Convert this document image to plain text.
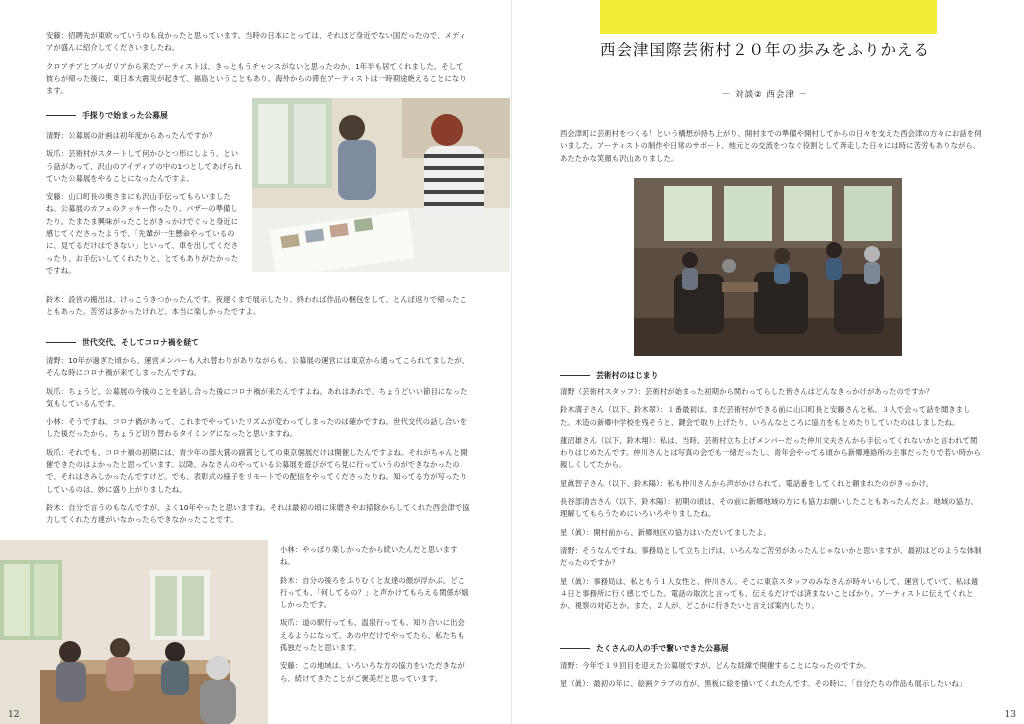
安藤：招聘先が東欧っていうのも良かったと思っています。当時の日本にとっては、それほど身近でない国だったので、メディアが盛んに紹介してくださいましたね。

クロアチアとブルガリアから来たアーティストは、きっともうチャンスがないと思ったのか、1年半も居てくれました。そして彼らが帰った後に、東日本大震災が起きて、福島ということもあり、海外からの滞在アーティストは一時期途絶えることになります。

手探りで始まった公募展

清野：公募展の計画は初年度からあったんですか？

坂爪：芸術村がスタートして何かひとつ形にしよう、という話があって、沢山のアイディアの中の1つとしてあげられていた公募展をやることになったんですよ。

安藤：山口町長の奥さまにも沢山手伝ってもらいましたね。公募展のカフェのクッキー作ったり、バザーの準備したり。たまたま興味がったことがきっかけでぐっと身近に感じてくださったようで、「先輩が一生懸命やっているのに、見てるだけはできない」といって、車を出してくださったり、お手伝いしてくれたりと、とてもありがたかったですね。

鈴木：設営の搬出は、けっこうきつかったんです。夜遅くまで展示したり、終われば作品の梱包をして、とんぼ返りで帰ったこともあった。苦労は多かったけれど、本当に楽しかったですよ。

世代交代、そしてコロナ禍を経て

清野：10年が過ぎた頃から、運営メンバーも入れ替わりがありながらも、公募展の運営には東京から通ってこられてましたが、そんな時にコロナ禍が来てしまったんですね。

坂爪：ちょうど、公募展の今後のことを話し合った後にコロナ禍が来たんですよね。あれはあれで、ちょうどいい節目になった気もしているんです。

小林：そうですね、コロナ禍があって、これまでやっていたリズムが変わってしまったのは確かですね。世代交代の話し合いをした後だったから、ちょうど切り替わるタイミングになったと思いますね。

坂爪：それでも、コロナ禍の初期には、青少年の部大賞の副賞としての東京個展だけは開催したんですよね。それがちゃんと開催できたのはよかったと思っています。以降、みなさんのやっている公募展を遊びがてら見に行っていうのができなかったので、それはさみしかったんですけど。でも、表彰式の様子をリモートでの配信をやってくださったりね。知ってる方が写ったりしているのは、妙に盛り上がりましたね。

鈴木：自分で言うのもなんですが、よく10年やったと思いますね。それは最初の頃に床磨きやお掃除からしてくれた西会津で協力してくれた方達がいなかったらできなかったことです。

小林：やっぱり楽しかったから続いたんだと思いますね。

鈴木：自分の後ろをふりむくと友達の顔が浮かぶ。どこ行っても、「何してるの？」と声かけてもらえる関係が嬉しかったです。

坂爪：道の駅行っても、温泉行っても、知り合いに出会えるようになって。あの中だけでやってたら、私たちも孤独だったと思います。

安藤：この地域は、いろいろな方の協力をいただきながら、続けてきたことがご褒美だと思っています。

12
西会津国際芸術村２０年の歩みをふりかえる
－ 対談② 西会津 －

西会津町に芸術村をつくる！という構想が持ち上がり、開村までの準備や開村してからの日々を支えた西会津の方々にお話を伺いました。アーティストの制作や日常のサポート、地元との交流をつなぐ役割として奔走した日々には時に苦労もありながら、あたたかな笑顔も沢山ありました。

芸術村のはじまり

清野（芸術村スタッフ）：芸術村が始まった初期から関わってらした皆さんはどんなきっかけがあったのですか？

鈴木満子さん（以下、鈴木翠）：１番最初は、まだ芸術村ができる前に山口町長と安藤さんと私、３人で会って話を聞きました。木造の新郷中学校を残そうと、鍵会で取り上げたり、いろんなところに協力をもとめたりしていたのはしましたね。

蓮沼雄さん（以下、鈴木翔）：私は、当時、芸術村立ち上げメンバーだった仲川文夫さんから手伝ってくれないかと言われて関わりはじめたんです。仲川さんとは写真の会でも一緒だったし、青年会やってる頃から新郷連絡所の主事だったりで若い時から親しくしてたから。

星眞智子さん（以下、鈴木陽）：私も仲川さんから声がかけられて、電話番をしてくれと頼まれたのがきっかけ。

長谷部清吉さん（以下、鈴木陽）：初期の頃は、その前に新郷地域の方にも協力お願いしたこともあったんだよ。地域の協力、理解してもらうためにいろいろやりましたね。

星（眞）：開村前から、新郷地区の協力はいただいてましたよ。

清野：そうなんですね。事務局として立ち上げは、いろんなご苦労があったんじゃないかと思いますが、最初はどのような体制だったのですか？

星（眞）：事務局は、私ともう１人女性と、仲川さん。そこに東京スタッフのみなさんが時々いらして、運営していて、私は週４日と事務所に行く感じでした。電話の取次と言っても、伝えるだけでは済まないことばかり。アーティストに伝えてくれとか、視察の対応とか。また、２人が、どこかに行きたいと言えば案内したり。

たくさんの人の手で繋いできた公募展

清野：今年で１９回目を迎えた公募展ですが、どんな経緯で開催することになったのですか。

星（眞）：最初の年に、絵画クラブの方が、黒板に絵を描いてくれたんです。その時に、「自分たちの作品も展示したいね」

13
